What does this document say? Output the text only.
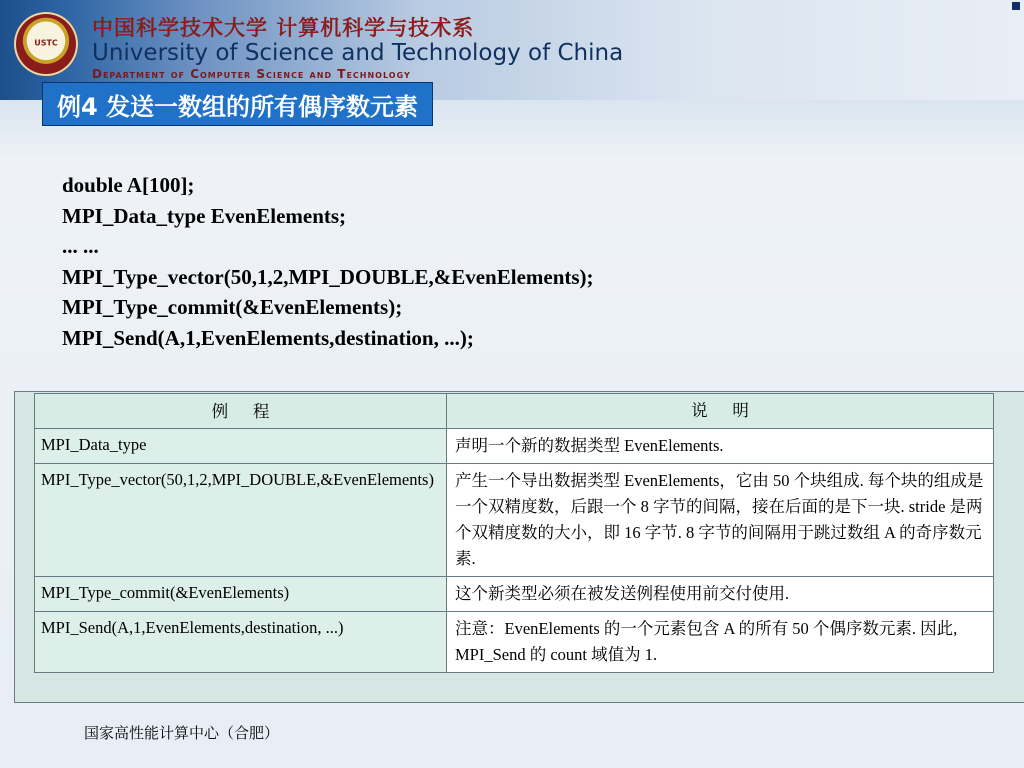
USTC
中国科学技术大学 计算机科学与技术系
University of Science and Technology of China
Department of Computer Science and Technology
例4 发送一数组的所有偶序数元素
double A[100];
MPI_Data_type EvenElements;
... ...
MPI_Type_vector(50,1,2,MPI_DOUBLE,&EvenElements);
MPI_Type_commit(&EvenElements);
MPI_Send(A,1,EvenElements,destination, ...);
例      程	说      明
MPI_Data_type	声明一个新的数据类型 EvenElements.
MPI_Type_vector(50,1,2,MPI_DOUBLE,&EvenElements)	产生一个导出数据类型 EvenElements，它由 50 个块组成. 每个块的组成是一个双精度数，后跟一个 8 字节的间隔，接在后面的是下一块. stride 是两个双精度数的大小，即 16 字节. 8 字节的间隔用于跳过数组 A 的奇序数元素.
MPI_Type_commit(&EvenElements)	这个新类型必须在被发送例程使用前交付使用.
MPI_Send(A,1,EvenElements,destination, ...)	注意：EvenElements 的一个元素包含 A 的所有 50 个偶序数元素. 因此, MPI_Send 的 count 域值为 1.
国家高性能计算中心（合肥）
